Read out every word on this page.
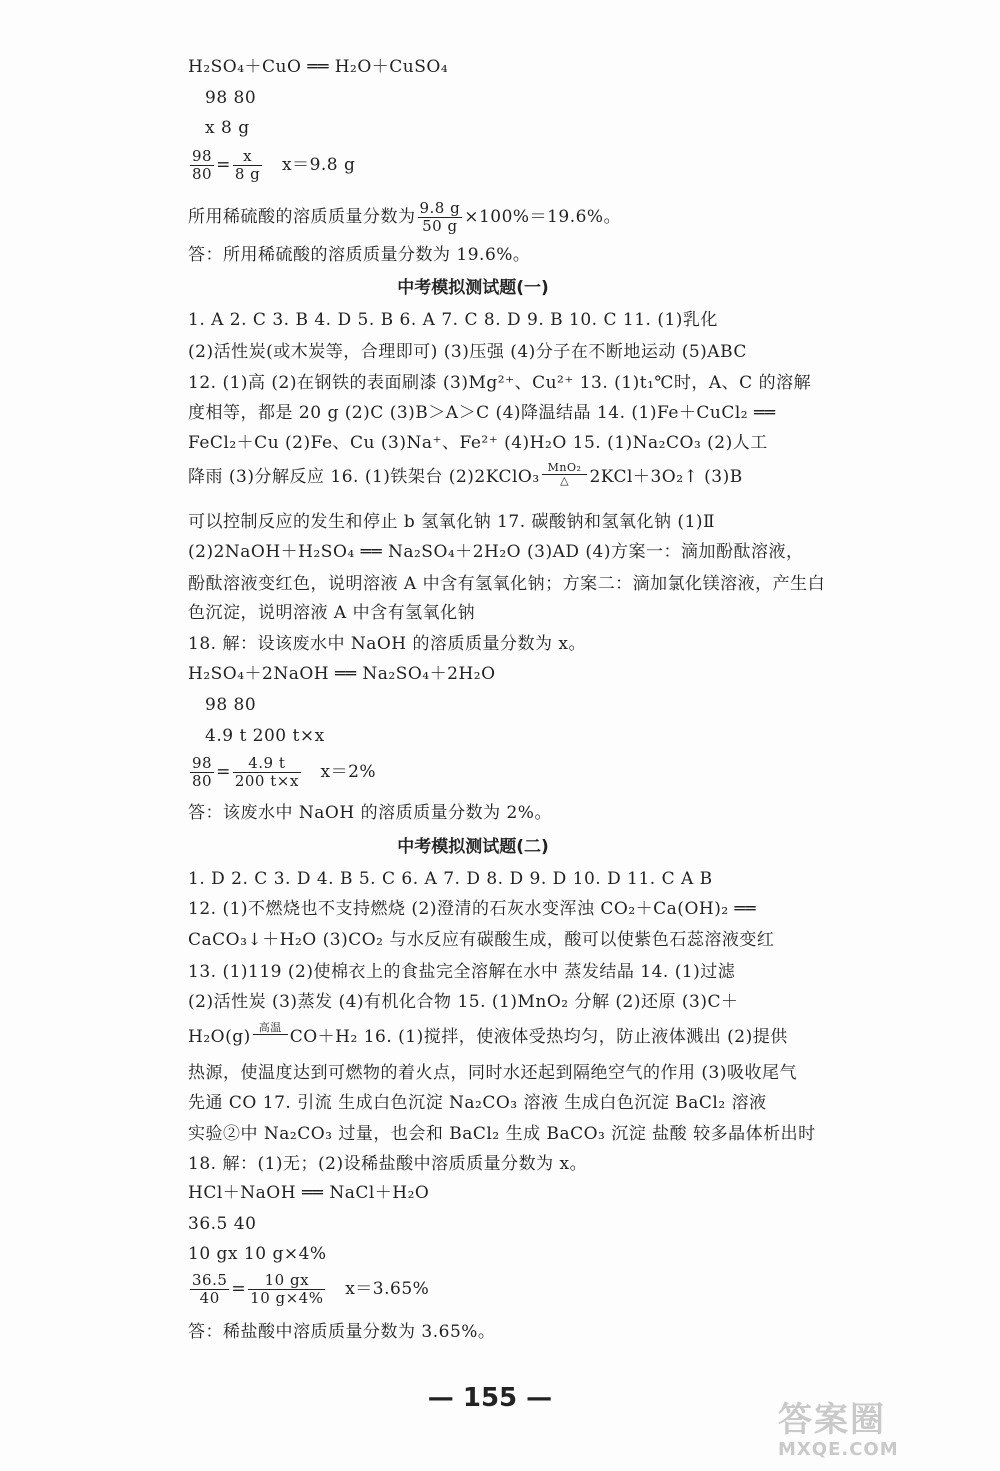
H₂SO₄＋CuO ══ H₂O＋CuSO₄
98 80
x 8 g
$\frac{98}{80} = \frac{x}{8 g} x=9.8$ g
所用稀硫酸的溶质质量分数为 $\frac{9.8 g}{50 g} \times 100\%=19.6\%$。
答：所用稀硫酸的溶质质量分数为 19.6%。
中考模拟测试题(一)
1. A 2. C 3. B 4. D 5. B 6. A 7. C 8. D 9. B 10. C 11. (1)乳化
(2)活性炭(或木炭等，合理即可) (3)压强 (4)分子在不断地运动 (5)ABC
12. (1)高 (2)在钢铁的表面刷漆 (3)Mg²⁺、Cu²⁺ 13. (1)t₁℃时，A、C 的溶解
度相等，都是 20 g (2)C (3)B＞A＞C (4)降温结晶 14. (1)Fe＋CuCl₂ ══
FeCl₂＋Cu (2)Fe、Cu (3)Na⁺、Fe²⁺ (4)H₂O 15. (1)Na₂CO₃ (2)人工
降雨 (3)分解反应 16. (1)铁架台 (2)2KClO₃ MnO₂
△	2KCl＋3O₂↑ (3)B
可以控制反应的发生和停止 b 氢氧化钠 17. 碳酸钠和氢氧化钠 (1)Ⅱ
(2)2NaOH＋H₂SO₄ ══ Na₂SO₄＋2H₂O (3)AD (4)方案一：滴加酚酞溶液，
酚酞溶液变红色，说明溶液 A 中含有氢氧化钠；方案二：滴加氯化镁溶液，产生白
色沉淀，说明溶液 A 中含有氢氧化钠
18. 解：设该废水中 NaOH 的溶质质量分数为 x。
H₂SO₄＋2NaOH ══ Na₂SO₄＋2H₂O
98 80
4.9 t 200 t×x
$\frac{98}{80} = \frac{4.9 t}{200 t\times x} x=2\%$
答：该废水中 NaOH 的溶质质量分数为 2%。
中考模拟测试题(二)
1. D 2. C 3. D 4. B 5. C 6. A 7. D 8. D 9. D 10. D 11. C A B
12. (1)不燃烧也不支持燃烧 (2)澄清的石灰水变浑浊 CO₂＋Ca(OH)₂ ══
CaCO₃↓＋H₂O (3)CO₂ 与水反应有碳酸生成，酸可以使紫色石蕊溶液变红
13. (1)119 (2)使棉衣上的食盐完全溶解在水中 蒸发结晶 14. (1)过滤
(2)活性炭 (3)蒸发 (4)有机化合物 15. (1)MnO₂ 分解 (2)还原 (3)C＋
H₂O(g) 高温
CO＋H₂ 16. (1)搅拌，使液体受热均匀，防止液体溅出 (2)提供
热源，使温度达到可燃物的着火点，同时水还起到隔绝空气的作用 (3)吸收尾气
先通 CO 17. 引流 生成白色沉淀 Na₂CO₃ 溶液 生成白色沉淀 BaCl₂ 溶液
实验②中 Na₂CO₃ 过量，也会和 BaCl₂ 生成 BaCO₃ 沉淀 盐酸 较多晶体析出时
18. 解：(1)无；(2)设稀盐酸中溶质质量分数为 x。
HCl＋NaOH ══ NaCl＋H₂O
36.5 40
10 gx 10 g×4%
$\frac{36.5}{40} = \frac{10 gx}{10 g\times 4\%} x=3.65\%$
答：稀盐酸中溶质质量分数为 3.65%。
— 155 —
答案圈
MXQE.COM
